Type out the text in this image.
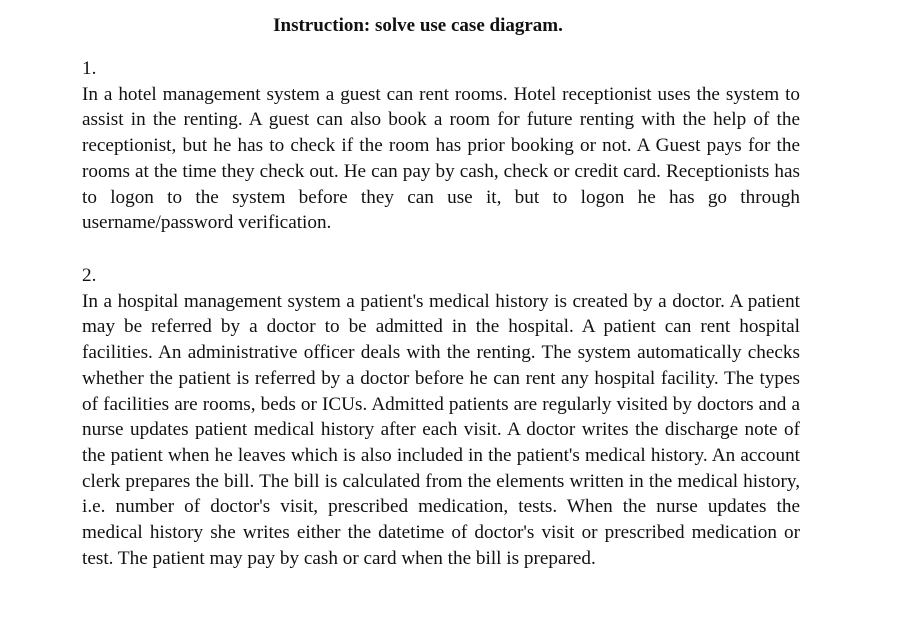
Instruction: solve use case diagram.
1.

In a hotel management system a guest can rent rooms. Hotel receptionist uses the system to assist in the renting. A guest can also book a room for future renting with the help of the receptionist, but he has to check if the room has prior booking or not. A Guest pays for the rooms at the time they check out. He can pay by cash, check or credit card. Receptionists has to logon to the system before they can use it, but to logon he has go through username/password verification.

2.

In a hospital management system a patient's medical history is created by a doctor. A patient may be referred by a doctor to be admitted in the hospital. A patient can rent hospital facilities. An administrative officer deals with the renting. The system automatically checks whether the patient is referred by a doctor before he can rent any hospital facility. The types of facilities are rooms, beds or ICUs. Admitted patients are regularly visited by doctors and a nurse updates patient medical history after each visit. A doctor writes the discharge note of the patient when he leaves which is also included in the patient's medical history. An account clerk prepares the bill. The bill is calculated from the elements written in the medical history, i.e. number of doctor's visit, prescribed medication, tests. When the nurse updates the medical history she writes either the datetime of doctor's visit or prescribed medication or test. The patient may pay by cash or card when the bill is prepared.
